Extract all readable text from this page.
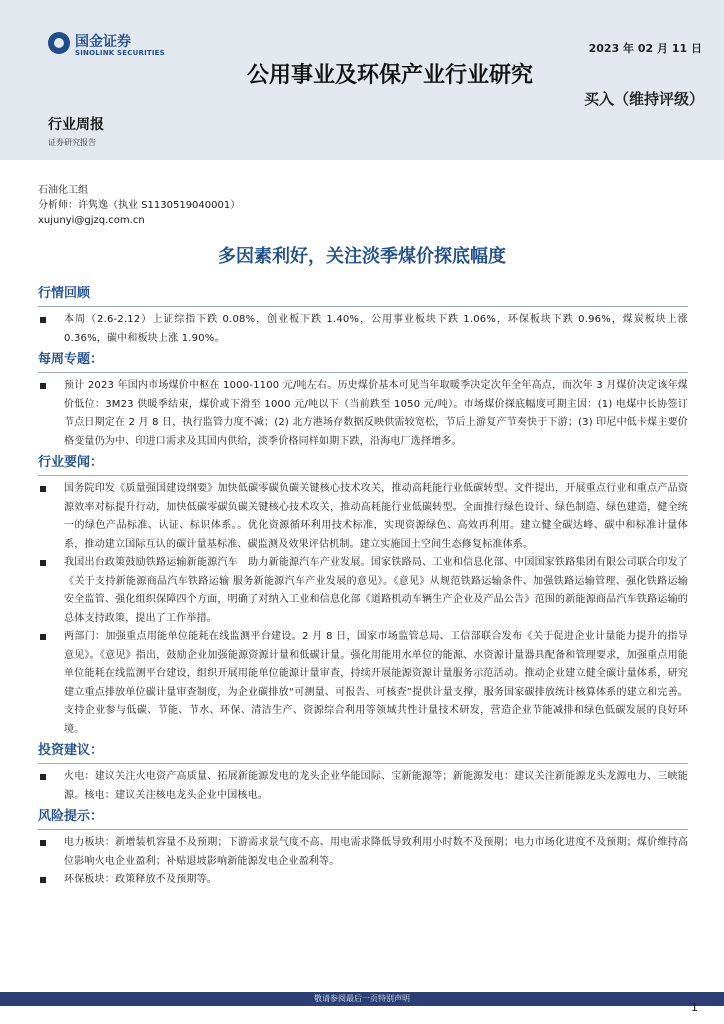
国金证券
SINOLINK SECURITIES	2023 年 02 月 11 日
公用事业及环保产业行业研究
买入（维持评级）
行业周报
证券研究报告
石油化工组
分析师：许隽逸（执业 S1130519040001）
xujunyi@gjzq.com.cn
多因素利好，关注淡季煤价探底幅度
行情回顾
本周（2.6-2.12）上证综指下跌 0.08%，创业板下跌 1.40%，公用事业板块下跌 1.06%，环保板块下跌 0.96%，煤炭板块上涨 0.36%，碳中和板块上涨 1.90%。
每周专题：
预计 2023 年国内市场煤价中枢在 1000-1100 元/吨左右。历史煤价基本可见当年取暖季决定次年全年高点，而次年 3 月煤价决定该年煤价低位：3M23 供暖季结束，煤价或下滑至 1000 元/吨以下（当前跌至 1050 元/吨）。市场煤价探底幅度可期主因：(1) 电煤中长协签订节点日期定在 2 月 8 日，执行监管力度不减；(2) 北方港场存数据反映供需较宽松，节后上游复产节奏快于下游；(3) 印尼中低卡煤主要价格变量仍为中、印进口需求及其国内供给，淡季价格同样如期下跌，沿海电厂选择增多。
行业要闻：
国务院印发《质量强国建设纲要》加快低碳零碳负碳关键核心技术攻关，推动高耗能行业低碳转型。文件提出，开展重点行业和重点产品资源效率对标提升行动，加快低碳零碳负碳关键核心技术攻关，推动高耗能行业低碳转型。全面推行绿色设计、绿色制造、绿色建造，健全统一的绿色产品标准、认证、标识体系。。优化资源循环利用技术标准，实现资源绿色、高效再利用。建立健全碳达峰、碳中和标准计量体系，推动建立国际互认的碳计量基标准、碳监测及效果评估机制。建立实施国土空间生态修复标准体系。
我国出台政策鼓励铁路运输新能源汽车　助力新能源汽车产业发展。国家铁路局、工业和信息化部、中国国家铁路集团有限公司联合印发了《关于支持新能源商品汽车铁路运输 服务新能源汽车产业发展的意见》。《意见》从规范铁路运输条件、加强铁路运输管理、强化铁路运输安全监管、强化组织保障四个方面，明确了对纳入工业和信息化部《道路机动车辆生产企业及产品公告》范围的新能源商品汽车铁路运输的总体支持政策，提出了工作举措。
两部门：加强重点用能单位能耗在线监测平台建设。2 月 8 日，国家市场监管总局、工信部联合发布《关于促进企业计量能力提升的指导意见》。《意见》指出，鼓励企业加强能源资源计量和低碳计量。强化用能用水单位的能源、水资源计量器具配备和管理要求，加强重点用能单位能耗在线监测平台建设，组织开展用能单位能源计量审查，持续开展能源资源计量服务示范活动。推动企业建立健全碳计量体系，研究建立重点排放单位碳计量审查制度，为企业碳排放“可测量、可报告、可核查”提供计量支撑，服务国家碳排放统计核算体系的建立和完善。支持企业参与低碳、节能、节水、环保、清洁生产、资源综合利用等领域共性计量技术研发，营造企业节能减排和绿色低碳发展的良好环境。
投资建议：
火电：建议关注火电资产高质量、拓展新能源发电的龙头企业华能国际、宝新能源等；新能源发电：建议关注新能源龙头龙源电力、三峡能源。核电：建议关注核电龙头企业中国核电。
风险提示：
电力板块：新增装机容量不及预期；下游需求景气度不高、用电需求降低导致利用小时数不及预期；电力市场化进度不及预期；煤价维持高位影响火电企业盈利；补贴退坡影响新能源发电企业盈利等。
环保板块：政策释放不及预期等。
敬请参阅最后一页特别声明
1
